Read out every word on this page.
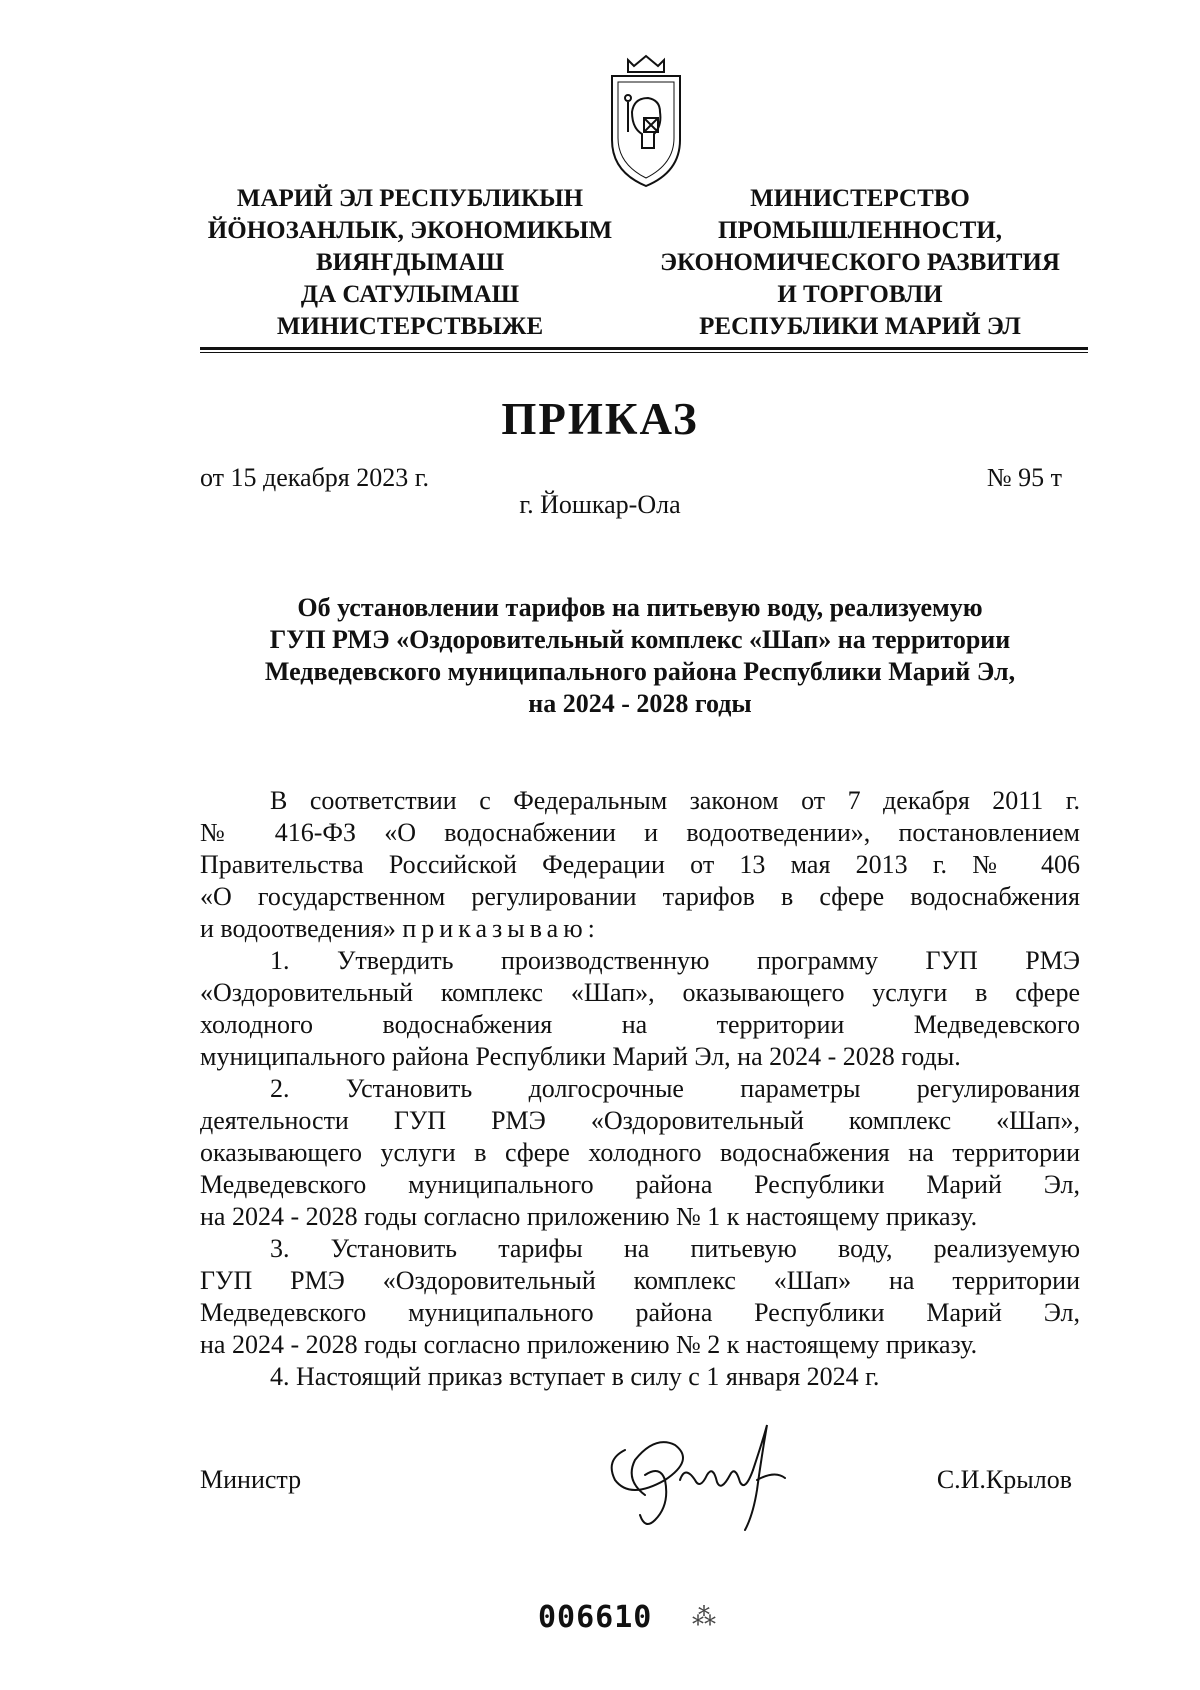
МАРИЙ ЭЛ РЕСПУБЛИКЫН
ЙӦНОЗАНЛЫК, ЭКОНОМИКЫМ
ВИЯҤДЫМАШ
ДА САТУЛЫМАШ
МИНИСТЕРСТВЫЖЕ
МИНИСТЕРСТВО
ПРОМЫШЛЕННОСТИ,
ЭКОНОМИЧЕСКОГО РАЗВИТИЯ
И ТОРГОВЛИ
РЕСПУБЛИКИ МАРИЙ ЭЛ
ПРИКАЗ
от 15 декабря 2023 г.	№ 95 т
г. Йошкар-Ола
Об установлении тарифов на питьевую воду, реализуемую
ГУП РМЭ «Оздоровительный комплекс «Шап» на территории
Медведевского муниципального района Республики Марий Эл,
на 2024 - 2028 годы

В соответствии с Федеральным законом от 7 декабря 2011 г.

№ 416-ФЗ «О водоснабжении и водоотведении», постановлением

Правительства Российской Федерации от 13 мая 2013 г. № 406

«О государственном регулировании тарифов в сфере водоснабжения

и водоотведения» приказываю:

1. Утвердить производственную программу ГУП РМЭ

«Оздоровительный комплекс «Шап», оказывающего услуги в сфере

холодного водоснабжения на территории Медведевского

муниципального района Республики Марий Эл, на 2024 - 2028 годы.

2. Установить долгосрочные параметры регулирования

деятельности ГУП РМЭ «Оздоровительный комплекс «Шап»,

оказывающего услуги в сфере холодного водоснабжения на территории

Медведевского муниципального района Республики Марий Эл,

на 2024 - 2028 годы согласно приложению № 1 к настоящему приказу.

3. Установить тарифы на питьевую воду, реализуемую

ГУП РМЭ «Оздоровительный комплекс «Шап» на территории

Медведевского муниципального района Республики Марий Эл,

на 2024 - 2028 годы согласно приложению № 2 к настоящему приказу.

4. Настоящий приказ вступает в силу с 1 января 2024 г.

Министр	С.И.Крылов
006610 ⁂
